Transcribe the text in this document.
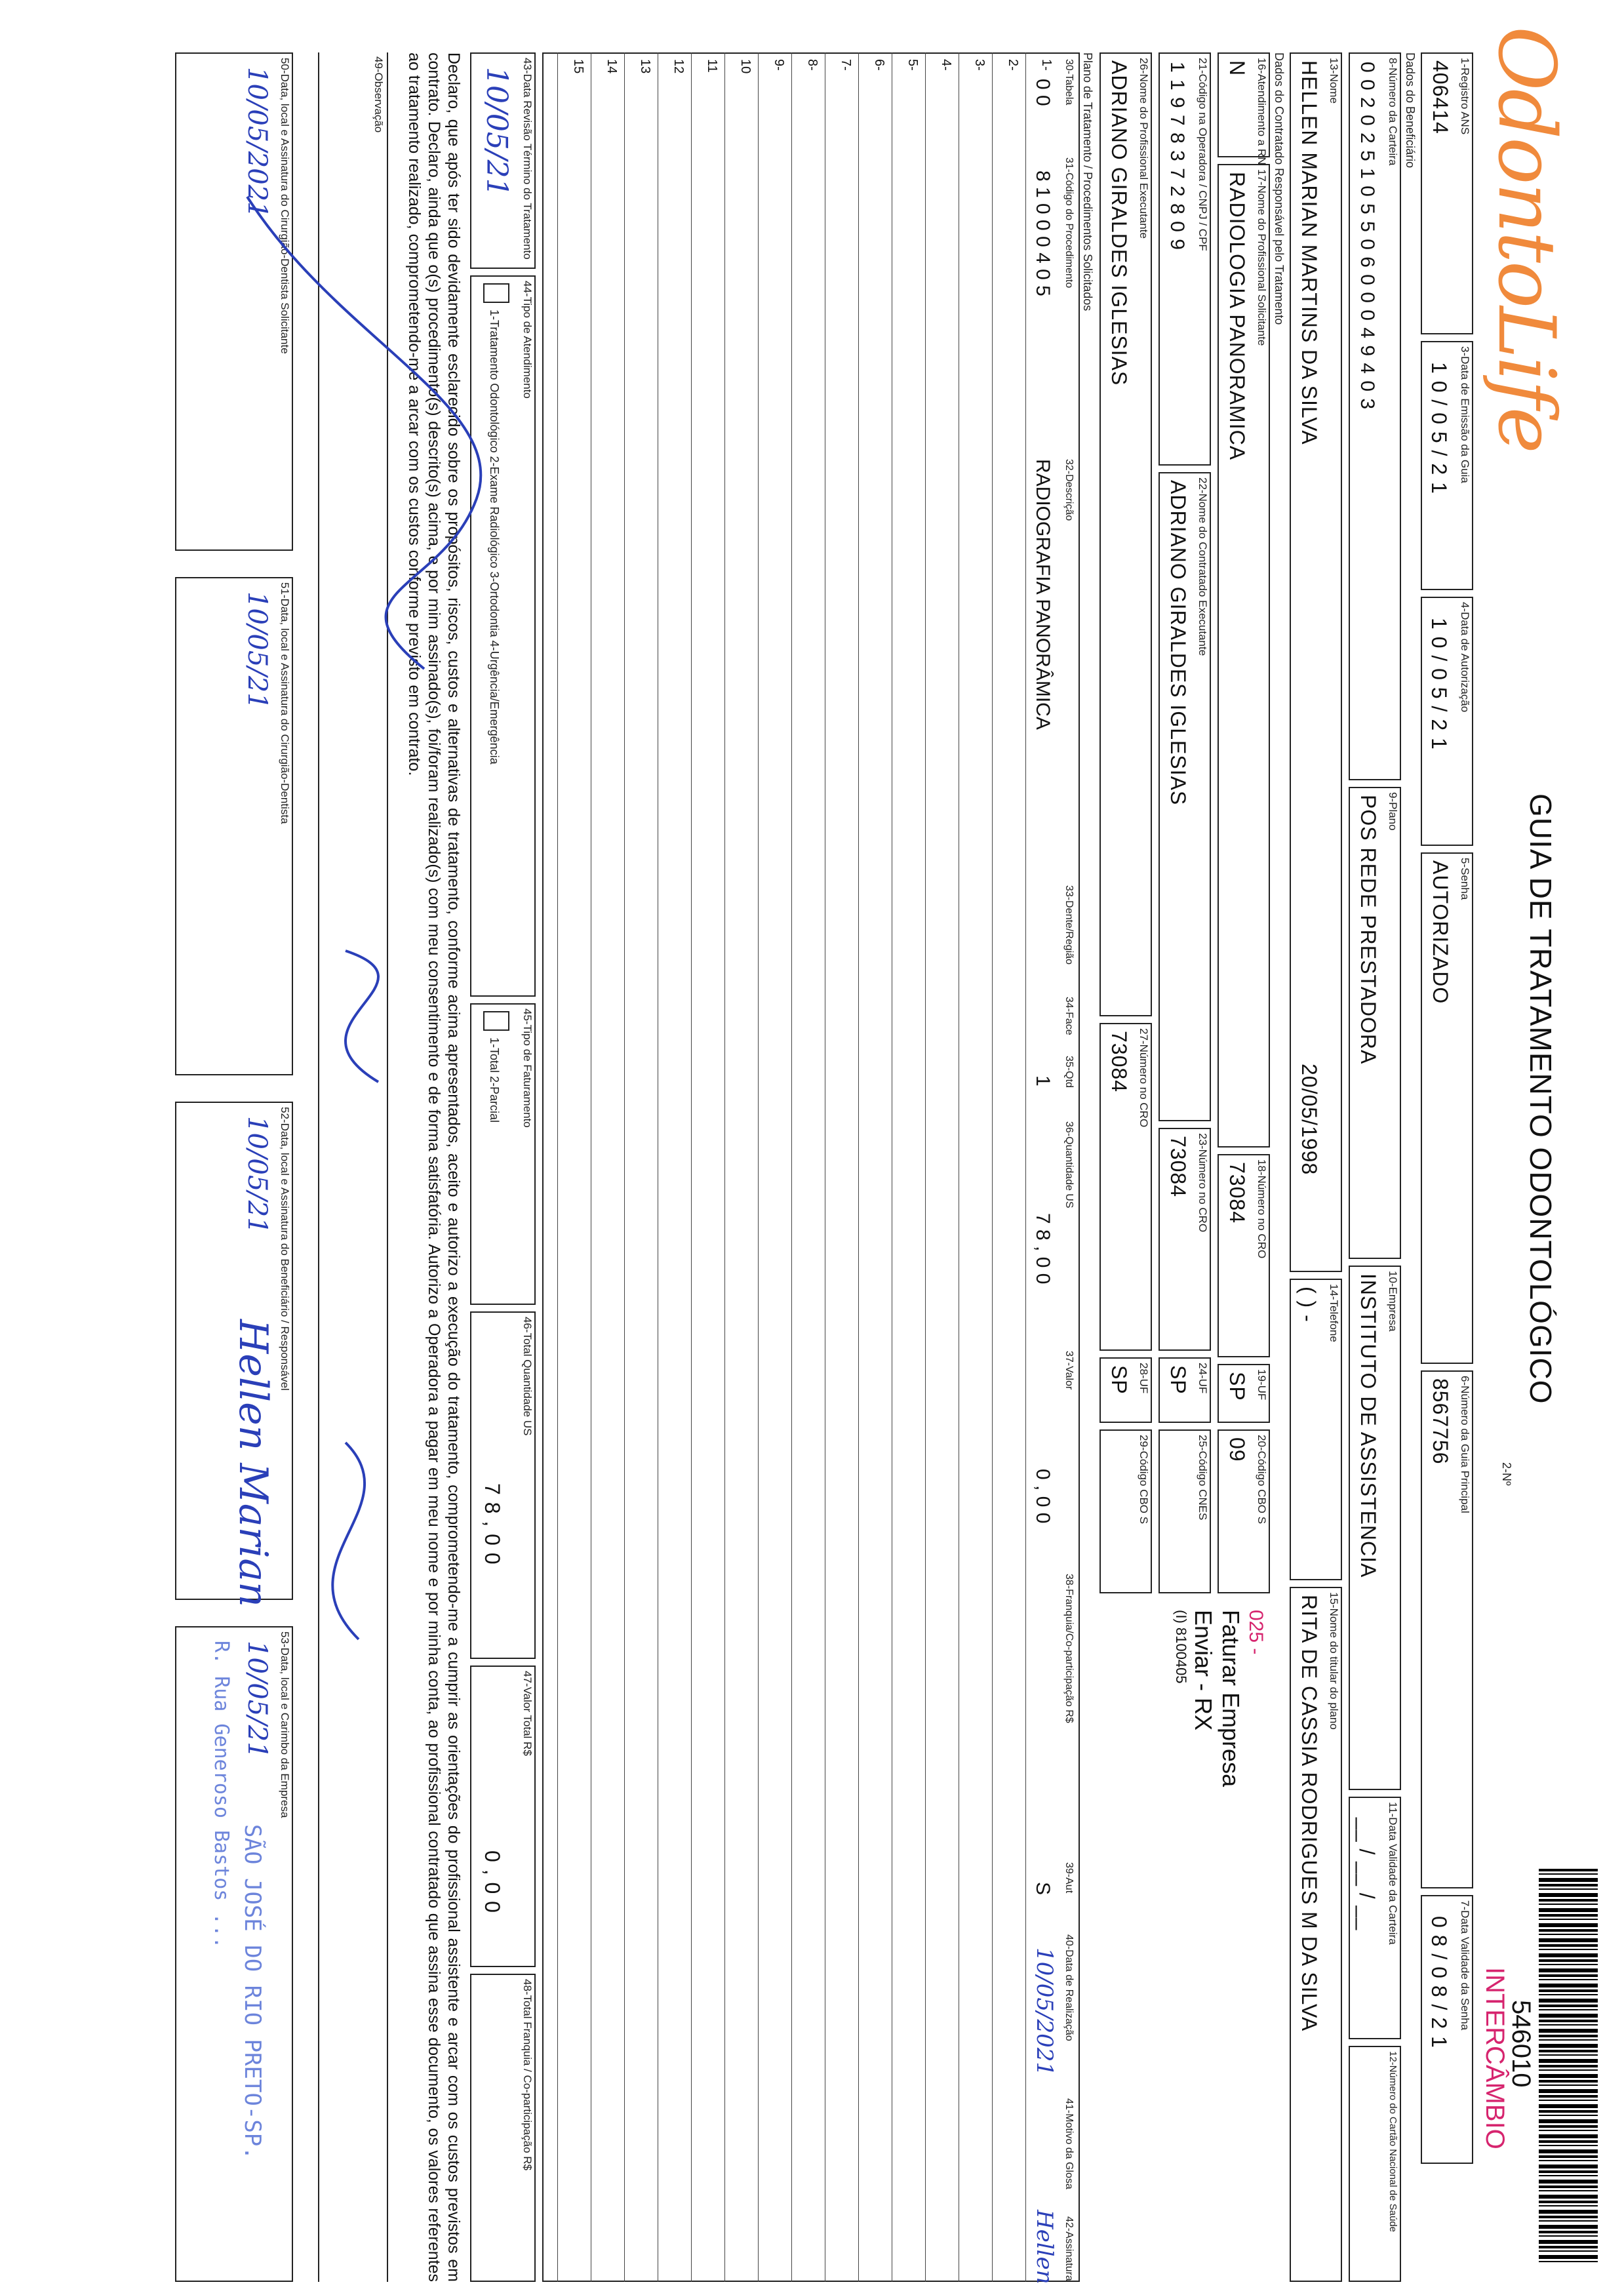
OdontoLife
GUIA DE TRATAMENTO ODONTOLÓGICO
2-Nº
546010
INTERCÂMBIO
1-Registro ANS
406414
3-Data de Emissão da Guia
1 0 / 0 5 / 2 1
4-Data de Autorização
1 0 / 0 5 / 2 1
5-Senha
AUTORIZADO
6-Número da Guia Principal
8567756
7-Data Validade da Senha
0 8 / 0 8 / 2 1
Dados do Beneficiário
8-Número da Carteira
0 0 2 0 2 5 1 0 5 5 0 6 0 0 0 4 9 4 0 3
9-Plano
POS REDE PRESTADORA
10-Empresa
INSTITUTO DE ASSISTENCIA
11-Data Validade da Carteira
__ / __ / __
12-Número do Cartão Nacional de Saúde
13-Nome
HELLEN MARIAN MARTINS DA SILVA
20/05/1998
14-Telefone
( ) -
15-Nome do titular do plano
RITA DE CASSIA RODRIGUES M DA SILVA
Dados do Contratado Responsável pelo Tratamento
16-Atendimento a RN
N
17-Nome do Profissional Solicitante
RADIOLOGIA PANORAMICA
18-Número no CRO
73084
19-UF
SP
20-Código CBO S
09
21-Código na Operadora / CNPJ / CPF
1 1 9 7 8 3 7 2 8 0 9
22-Nome do Contratado Executante
ADRIANO GIRALDES IGLESIAS
23-Número no CRO
73084
24-UF
SP
25-Código CNES
26-Nome do Profissional Executante
ADRIANO GIRALDES IGLESIAS
27-Número no CRO
73084
28-UF
SP
29-Código CBO S
025 -
Faturar Empresa
Enviar - RX
(I) 8100405
Plano de Tratamento / Procedimentos Solicitados
30-Tabela
31-Código do Procedimento
32-Descrição
33-Dente/Região
34-Face
35-Qtd
36-Quantidade US
37-Valor
38-Franquia/Co-participação R$
39-Aut
40-Data de Realização
41-Motivo da Glosa
42-Assinatura
1-
0 0
8 1 0 0 0 4 0 5
RADIOGRAFIA PANORÂMICA
1
7 8 , 0 0
0 , 0 0
S
10/05/2021
Hellen
2-
3-
4-
5-
6-
7-
8-
9-
10
11
12
13
14
15
43-Data Revisão Término do Tratamento
10/05/21
44-Tipo de Atendimento
1-Tratamento Odontológico 2-Exame Radiológico 3-Ortodontia 4-Urgência/Emergência
45-Tipo de Faturamento
1-Total 2-Parcial
46-Total Quantidade US
7 8 , 0 0
47-Valor Total R$
0 , 0 0
48-Total Franquia / Co-participação R$
Declaro, que após ter sido devidamente esclarecido sobre os propósitos, riscos, custos e alternativas de tratamento, conforme acima apresentados, aceito e autorizo a execução do tratamento, comprometendo-me a cumprir as orientações do profissional assistente e arcar com os custos previstos em contrato. Declaro, ainda que o(s) procedimento(s) descrito(s) acima, e por mim assinado(s), foi/foram realizado(s) com meu consentimento e de forma satisfatória. Autorizo a Operadora a pagar em meu nome e por minha conta, ao profissional contratado que assina esse documento, os valores referentes ao tratamento realizado, comprometendo-me a arcar com os custos conforme previsto em contrato.
49-Observação
50-Data, local e Assinatura do Cirurgião-Dentista Solicitante
10/05/2021
51-Data, local e Assinatura do Cirurgião-Dentista
10/05/21
52-Data, local e Assinatura do Beneficiário / Responsável
10/05/21
Hellen Marian
53-Data, local e Carimbo da Empresa
10/05/21
R. Rua Generoso Bastos ...
SÃO JOSÉ DO RIO PRETO-SP.
